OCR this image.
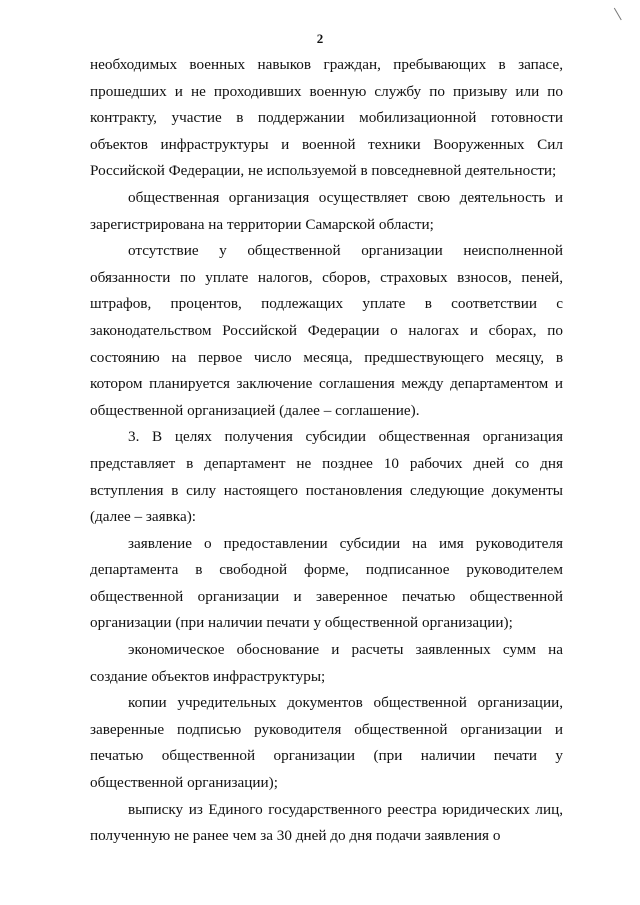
2

необходимых военных навыков граждан, пребывающих в запасе, прошедших и не проходивших военную службу по призыву или по контракту, участие в поддержании мобилизационной готовности объектов инфраструктуры и военной техники Вооруженных Сил Российской Федерации, не используемой в повседневной деятельности;

общественная организация осуществляет свою деятельность и зарегистрирована на территории Самарской области;

отсутствие у общественной организации неисполненной обязанности по уплате налогов, сборов, страховых взносов, пеней, штрафов, процентов, подлежащих уплате в соответствии с законодательством Российской Федерации о налогах и сборах, по состоянию на первое число месяца, предшествующего месяцу, в котором планируется заключение соглашения между департаментом и общественной организацией (далее – соглашение).

3. В целях получения субсидии общественная организация представляет в департамент не позднее 10 рабочих дней со дня вступления в силу настоящего постановления следующие документы (далее – заявка):

заявление о предоставлении субсидии на имя руководителя департамента в свободной форме, подписанное руководителем общественной организации и заверенное печатью общественной организации (при наличии печати у общественной организации);

экономическое обоснование и расчеты заявленных сумм на создание объектов инфраструктуры;

копии учредительных документов общественной организации, заверенные подписью руководителя общественной организации и печатью общественной организации (при наличии печати у общественной организации);

выписку из Единого государственного реестра юридических лиц, полученную не ранее чем за 30 дней до дня подачи заявления о
